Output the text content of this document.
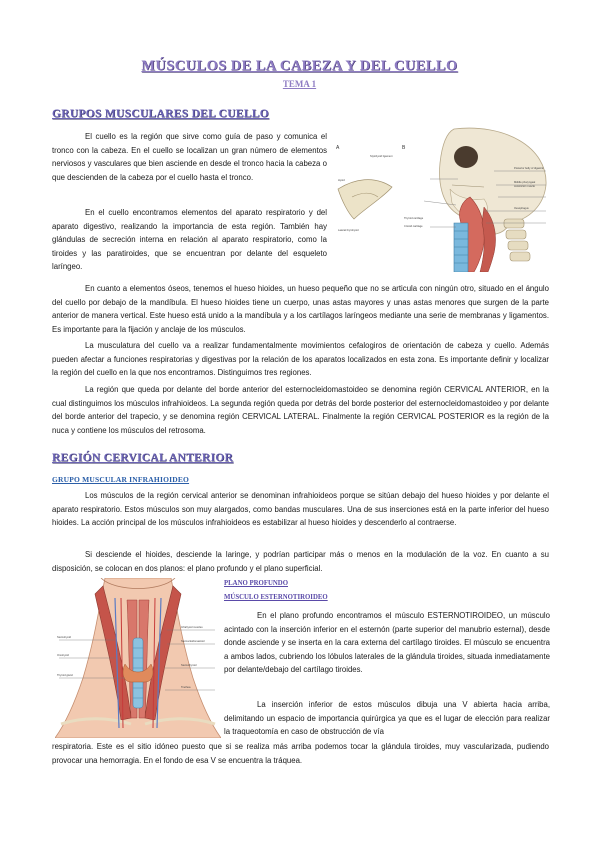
MÚSCULOS DE LA CABEZA Y DEL CUELLO
TEMA 1
GRUPOS MUSCULARES DEL CUELLO

El cuello es la región que sirve como guía de paso y comunica el tronco con la cabeza. En el cuello se localizan un gran número de elementos nerviosos y vasculares que bien asciende en desde el tronco hacia la cabeza o que descienden de la cabeza por el cuello hasta el tronco.

En el cuello encontramos elementos del aparato respiratorio y del aparato digestivo, realizando la importancia de esta región. También hay glándulas de secreción interna en relación al aparato respiratorio, como la tiroides y las paratiroides, que se encuentran por delante del esqueleto laríngeo.

En cuanto a elementos óseos, tenemos el hueso hioides, un hueso pequeño que no se articula con ningún otro, situado en el ángulo del cuello por debajo de la mandíbula. El hueso hioides tiene un cuerpo, unas astas mayores y unas astas menores que surgen de la parte anterior de manera vertical. Este hueso está unido a la mandíbula y a los cartílagos laríngeos mediante una serie de membranas y ligamentos. Es importante para la fijación y anclaje de los músculos.

La musculatura del cuello va a realizar fundamentalmente movimientos cefalogiros de orientación de cabeza y cuello. Además pueden afectar a funciones respiratorias y digestivas por la relación de los aparatos localizados en esta zona. Es importante definir y localizar la región del cuello en la que nos encontramos. Distinguimos tres regiones.

La región que queda por delante del borde anterior del esternocleidomastoideo se denomina región CERVICAL ANTERIOR, en la cual distinguimos los músculos infrahioideos. La segunda región queda por detrás del borde posterior del esternocleidomastoideo y por delante del borde anterior del trapecio, y se denomina región CERVICAL LATERAL. Finalmente la región CERVICAL POSTERIOR es la región de la nuca y contiene los músculos del retrosoma.

REGIÓN CERVICAL ANTERIOR
GRUPO MUSCULAR INFRAHIOIDEO

Los músculos de la región cervical anterior se denominan infrahioideos porque se sitúan debajo del hueso hioides y por delante el aparato respiratorio. Estos músculos son muy alargados, como bandas musculares. Una de sus inserciones está en la parte inferior del hueso hioides. La acción principal de los músculos infrahioideos es estabilizar al hueso hioides y descenderlo al contraerse.

Si desciende el hioides, desciende la laringe, y podrían participar más o menos en la modulación de la voz. En cuanto a su disposición, se colocan en dos planos: el plano profundo y el plano superficial.

PLANO PROFUNDO
MÚSCULO ESTERNOTIROIDEO

En el plano profundo encontramos el músculo ESTERNOTIROIDEO, un músculo acintado con la inserción inferior en el esternón (parte superior del manubrio esternal), desde donde asciende y se inserta en la cara externa del cartílago tiroides. El músculo se encuentra a ambos lados, cubriendo los lóbulos laterales de la glándula tiroides, situada inmediatamente por delante/debajo del cartílago tiroides.

La inserción inferior de estos músculos dibuja una V abierta hacia arriba, delimitando un espacio de importancia quirúrgica ya que es el lugar de elección para realizar la traqueotomía en caso de obstrucción de vía

respiratoria. Este es el sitio idóneo puesto que si se realiza más arriba podemos tocar la glándula tiroides, muy vascularizada, pudiendo provocar una hemorragia. En el fondo de esa V se encuentra la tráquea.

A	B
Hyoid
Stylohyoid ligament
Lateral thyrohyoid
Thyroid cartilage
Cricoid cartilage
Posterior belly of digastric
Middle pharyngeal
constrictor muscle
Oesophagus
Sternohyoid
Omohyoid
Thyroid gland
Infrahyoid muscles
Sternocleidomastoid
Sternothyroid
Trachea
